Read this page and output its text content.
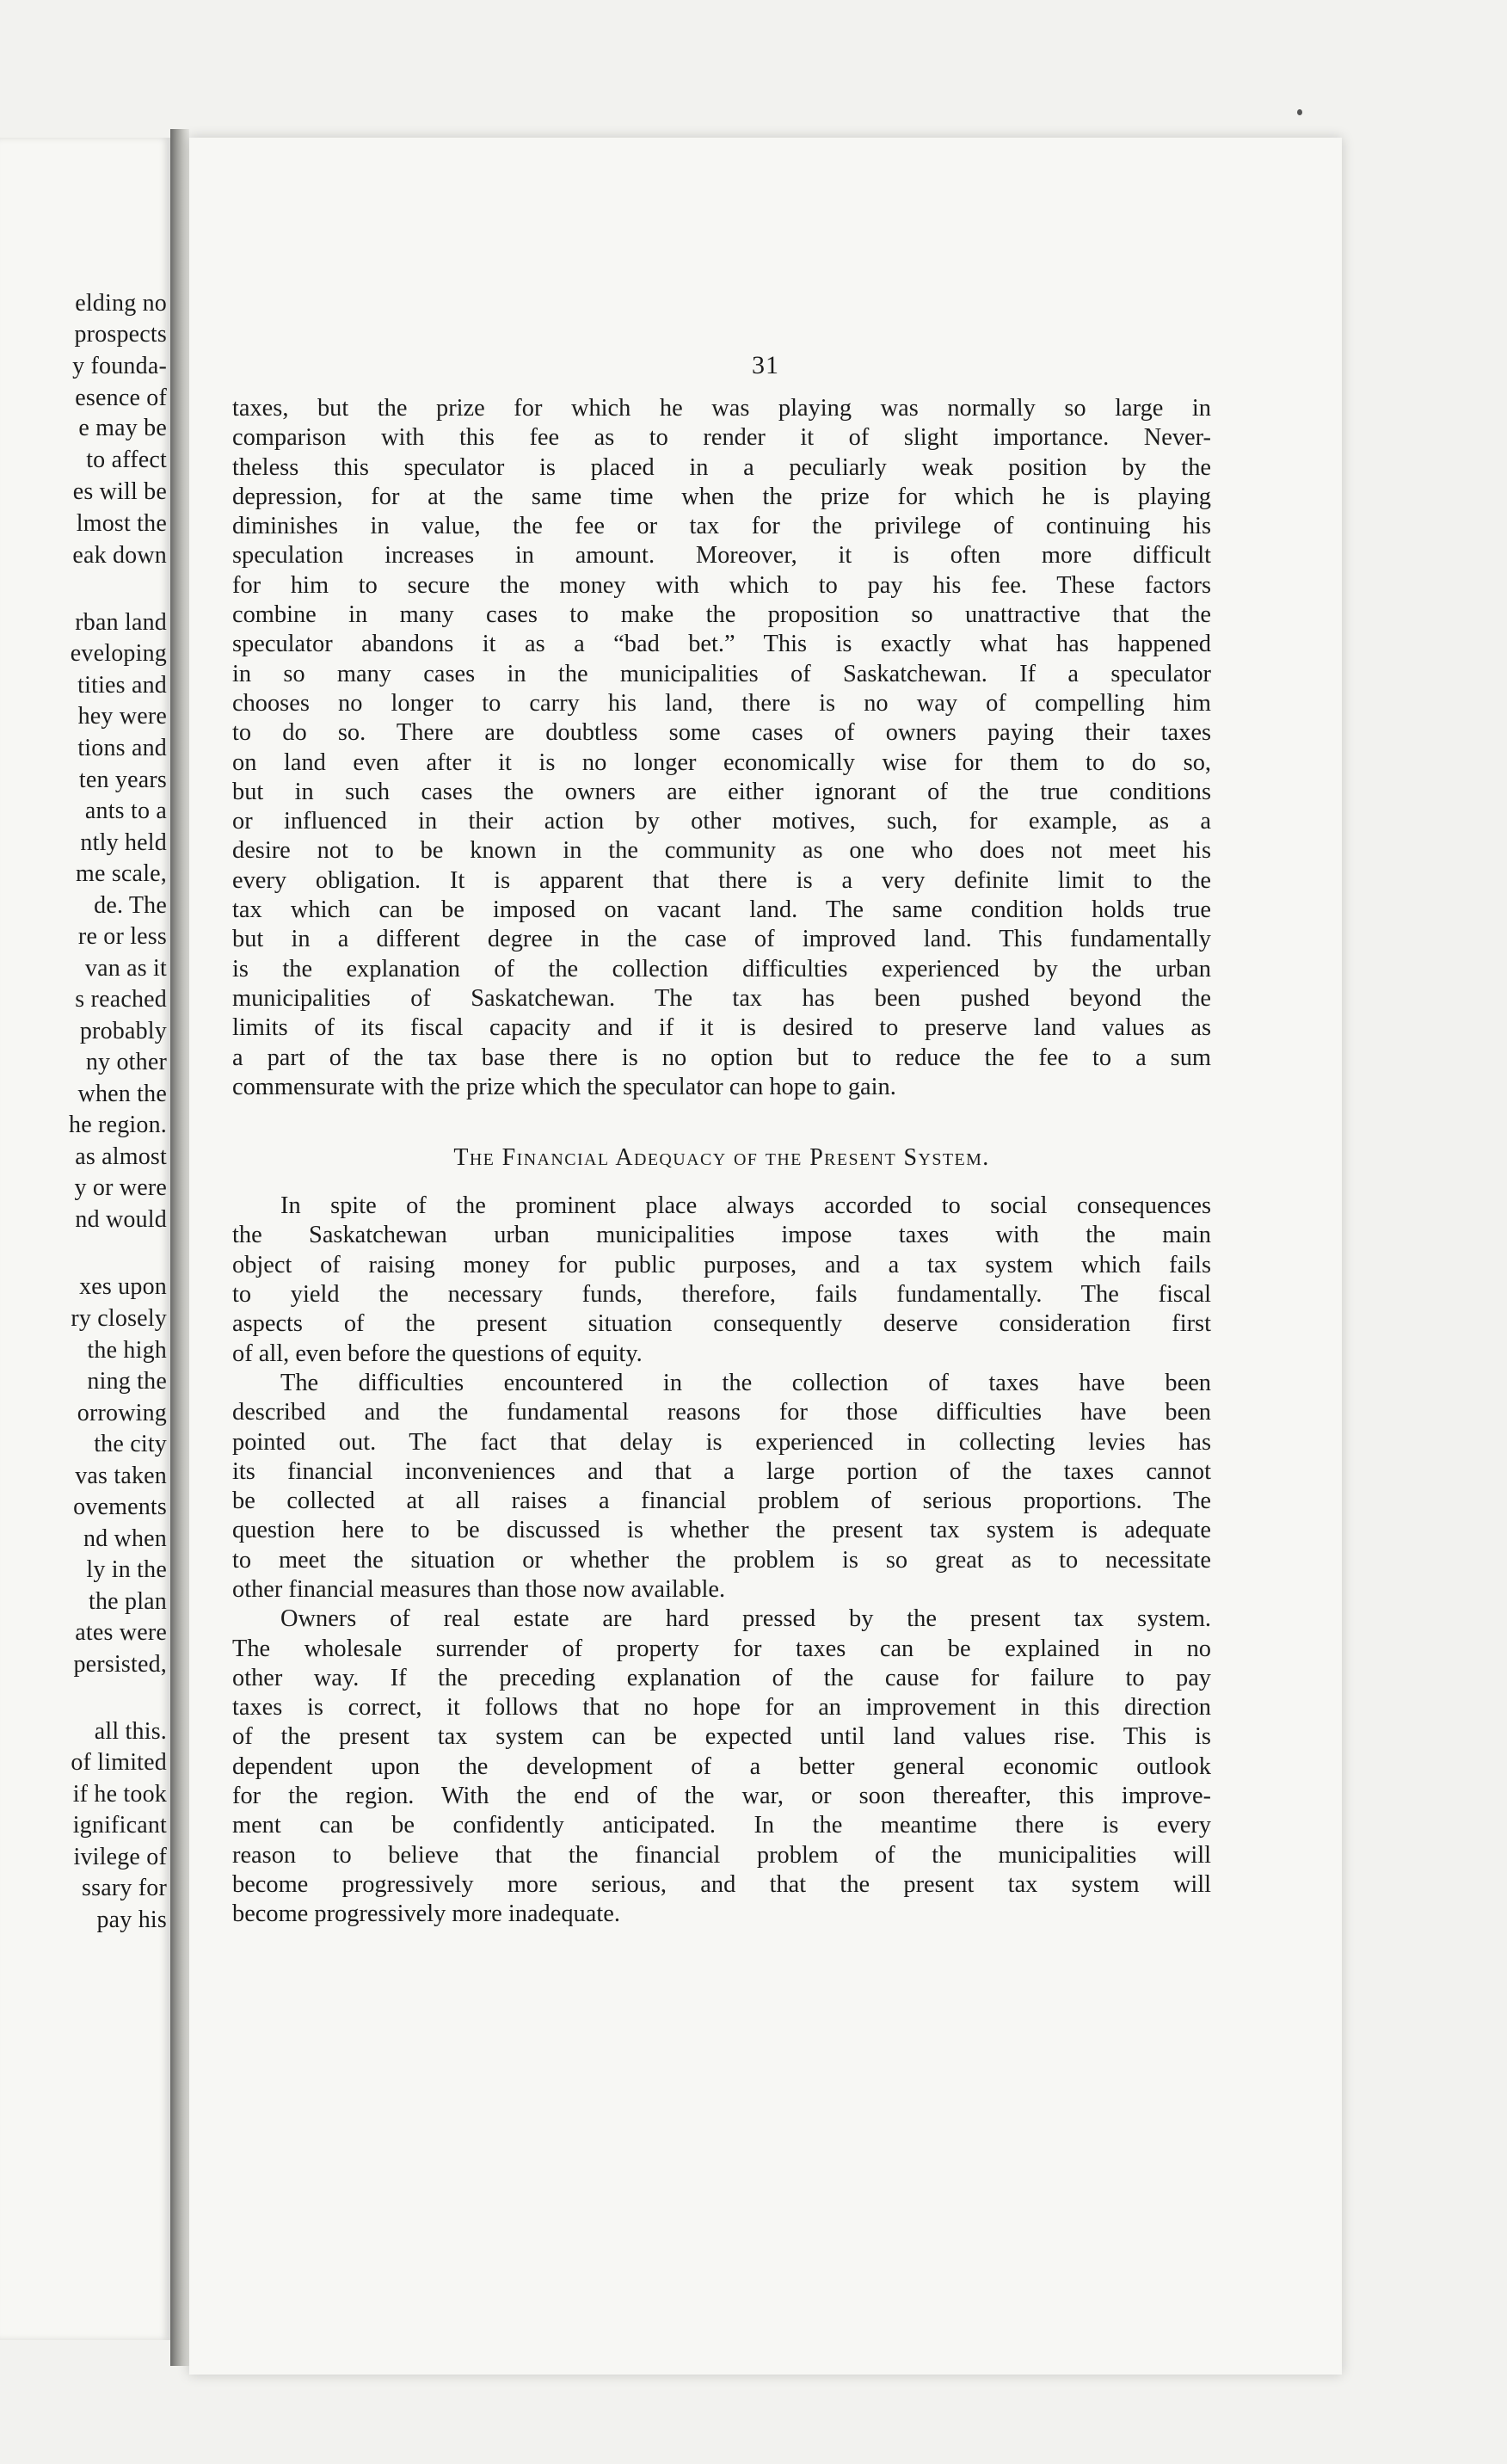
elding no
prospects
y founda-
esence of
e may be
to affect
es will be
lmost the
eak down
rban land
eveloping
tities and
hey were
tions and
ten years
ants to a
ntly held
me scale,
de. The
re or less
van as it
s reached
probably
ny other
when the
he region.
as almost
y or were
nd would
xes upon
ry closely
the high
ning the
orrowing
the city
vas taken
ovements
nd when
ly in the
the plan
ates were
persisted,
all this.
of limited
if he took
ignificant
ivilege of
ssary for
pay his
31
taxes, but the prize for which he was playing was normally so large in
comparison with this fee as to render it of slight importance. Never-
theless this speculator is placed in a peculiarly weak position by the
depression, for at the same time when the prize for which he is playing
diminishes in value, the fee or tax for the privilege of continuing his
speculation increases in amount. Moreover, it is often more difficult
for him to secure the money with which to pay his fee. These factors
combine in many cases to make the proposition so unattractive that the
speculator abandons it as a “bad bet.” This is exactly what has happened
in so many cases in the municipalities of Saskatchewan. If a speculator
chooses no longer to carry his land, there is no way of compelling him
to do so. There are doubtless some cases of owners paying their taxes
on land even after it is no longer economically wise for them to do so,
but in such cases the owners are either ignorant of the true conditions
or influenced in their action by other motives, such, for example, as a
desire not to be known in the community as one who does not meet his
every obligation. It is apparent that there is a very definite limit to the
tax which can be imposed on vacant land. The same condition holds true
but in a different degree in the case of improved land. This fundamentally
is the explanation of the collection difficulties experienced by the urban
municipalities of Saskatchewan. The tax has been pushed beyond the
limits of its fiscal capacity and if it is desired to preserve land values as
a part of the tax base there is no option but to reduce the fee to a sum
commensurate with the prize which the speculator can hope to gain.
The Financial Adequacy of the Present System.
In spite of the prominent place always accorded to social consequences
the Saskatchewan urban municipalities impose taxes with the main
object of raising money for public purposes, and a tax system which fails
to yield the necessary funds, therefore, fails fundamentally. The fiscal
aspects of the present situation consequently deserve consideration first
of all, even before the questions of equity.
The difficulties encountered in the collection of taxes have been
described and the fundamental reasons for those difficulties have been
pointed out. The fact that delay is experienced in collecting levies has
its financial inconveniences and that a large portion of the taxes cannot
be collected at all raises a financial problem of serious proportions. The
question here to be discussed is whether the present tax system is adequate
to meet the situation or whether the problem is so great as to necessitate
other financial measures than those now available.
Owners of real estate are hard pressed by the present tax system.
The wholesale surrender of property for taxes can be explained in no
other way. If the preceding explanation of the cause for failure to pay
taxes is correct, it follows that no hope for an improvement in this direction
of the present tax system can be expected until land values rise. This is
dependent upon the development of a better general economic outlook
for the region. With the end of the war, or soon thereafter, this improve-
ment can be confidently anticipated. In the meantime there is every
reason to believe that the financial problem of the municipalities will
become progressively more serious, and that the present tax system will
become progressively more inadequate.
